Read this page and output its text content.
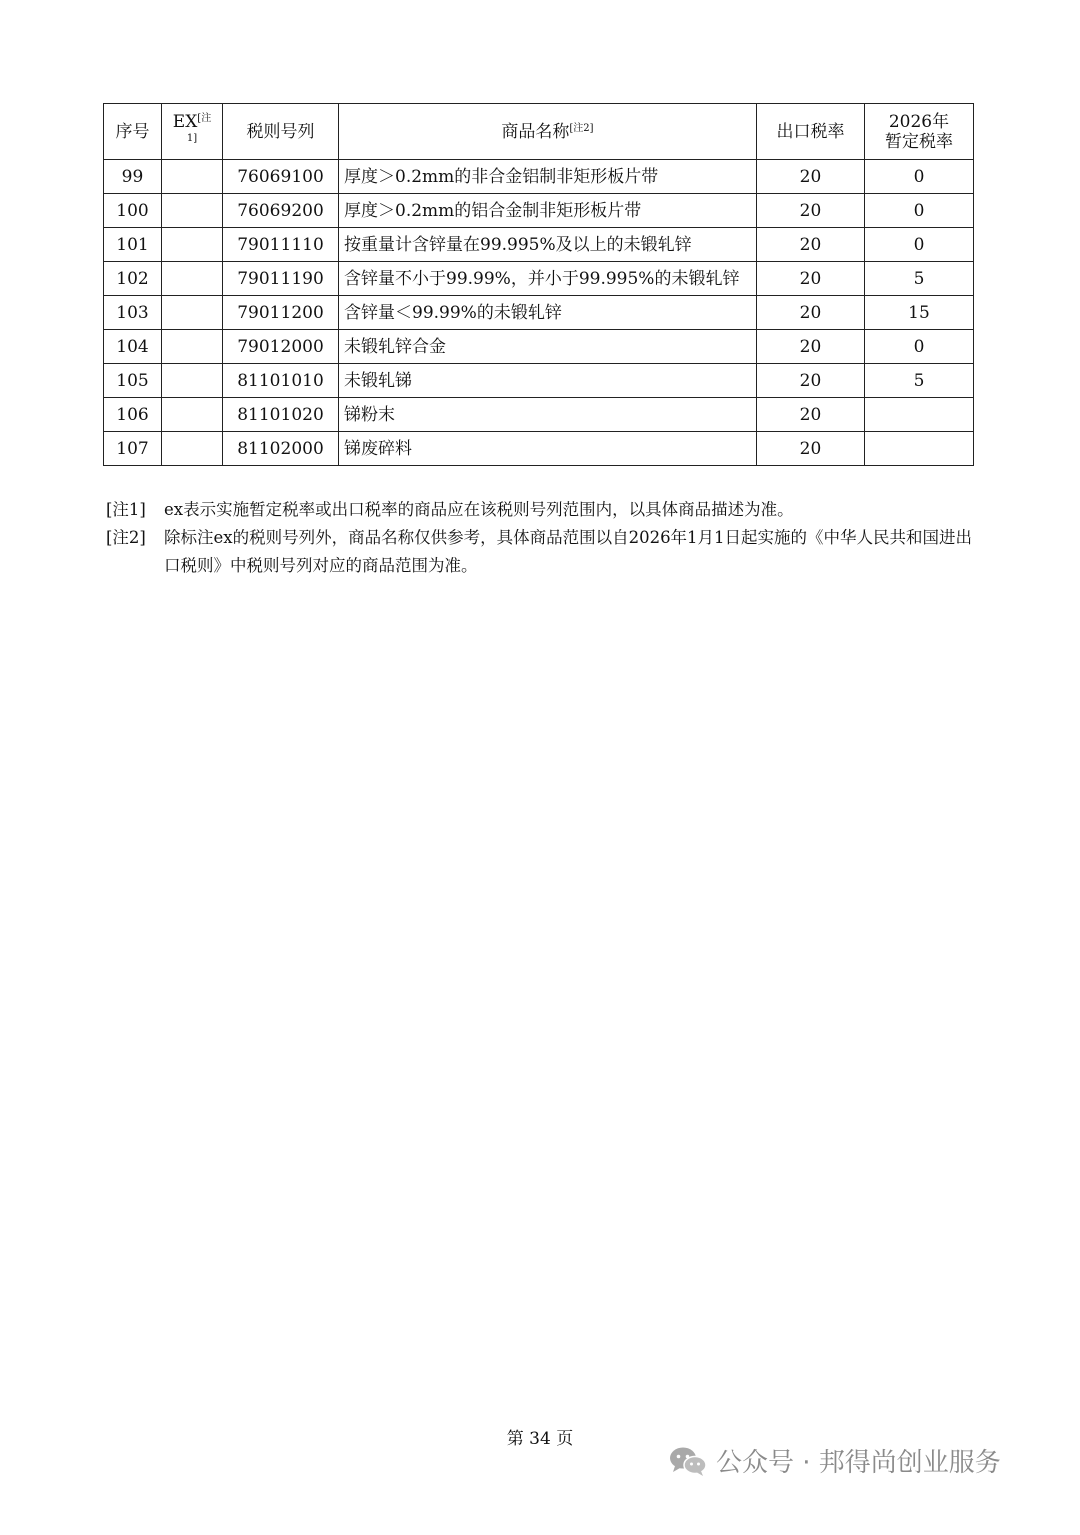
序号	EX[注1]	税则号列	商品名称[注2]	出口税率	2026年
暂定税率

99		76069100	厚度＞0.2mm的非合金铝制非矩形板片带	20	0
100		76069200	厚度＞0.2mm的铝合金制非矩形板片带	20	0
101		79011110	按重量计含锌量在99.995%及以上的未锻轧锌	20	0
102		79011190	含锌量不小于99.99%，并小于99.995%的未锻轧锌	20	5
103		79011200	含锌量＜99.99%的未锻轧锌	20	15
104		79012000	未锻轧锌合金	20	0
105		81101010	未锻轧锑	20	5
106		81101020	锑粉末	20	
107		81102000	锑废碎料	20	
[注1]	ex表示实施暂定税率或出口税率的商品应在该税则号列范围内，以具体商品描述为准。
[注2]	除标注ex的税则号列外，商品名称仅供参考，具体商品范围以自2026年1月1日起实施的《中华人民共和国进出口税则》中税则号列对应的商品范围为准。
第 34 页
公众号 · 邦得尚创业服务
